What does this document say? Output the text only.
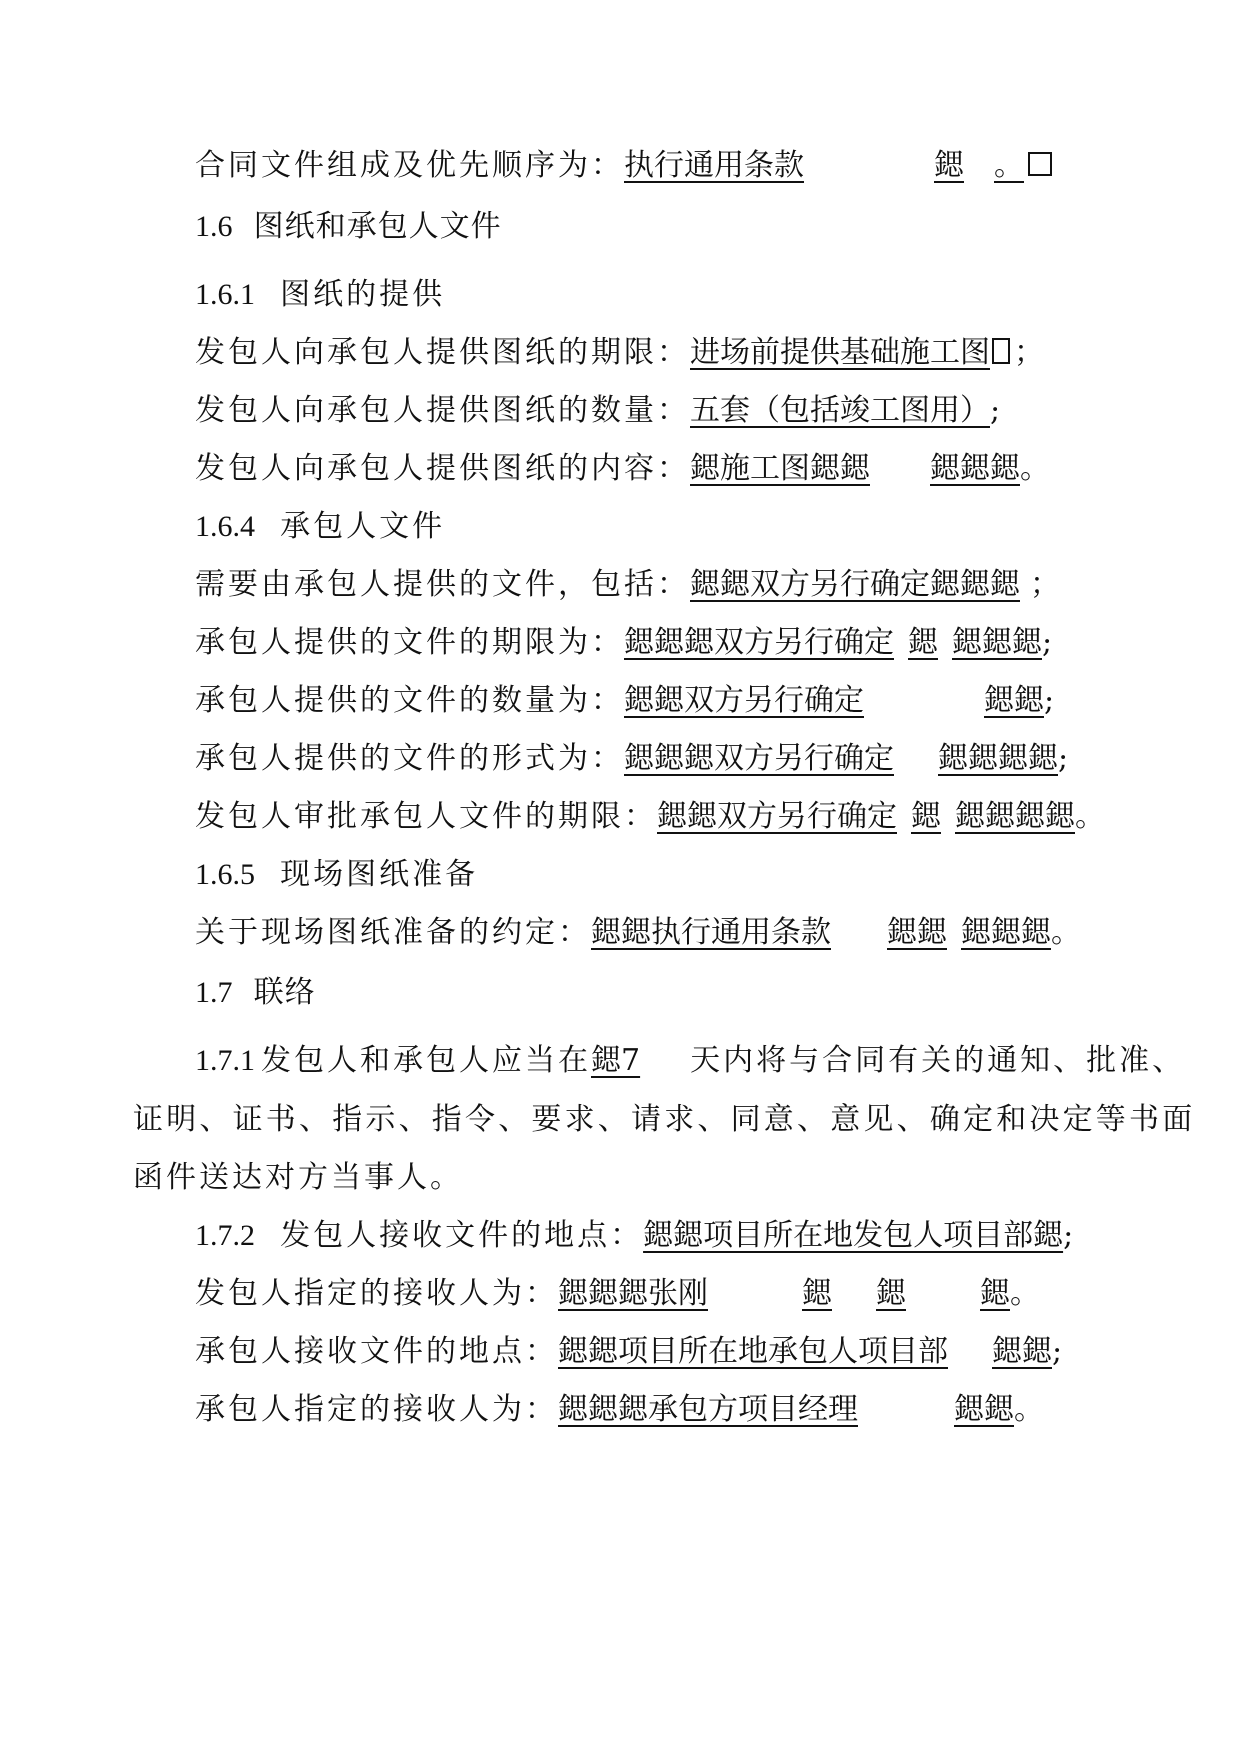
合同文件组成及优先顺序为：执行通用条款	鍶 。
1.6 图纸和承包人文件
1.6.1 图纸的提供
发包人向承包人提供图纸的期限：进场前提供基础施工图 ；
发包人向承包人提供图纸的数量：五套（包括竣工图用）;
发包人向承包人提供图纸的内容：鍶施工图鍶鍶 鍶鍶鍶。
1.6.4 承包人文件
需要由承包人提供的文件，包括：鍶鍶双方另行确定鍶鍶鍶 ；
承包人提供的文件的期限为：鍶鍶鍶双方另行确定 鍶 鍶鍶鍶;
承包人提供的文件的数量为：鍶鍶双方另行确定	鍶鍶;
承包人提供的文件的形式为：鍶鍶鍶双方另行确定 鍶鍶鍶鍶;
发包人审批承包人文件的期限：鍶鍶双方另行确定 鍶 鍶鍶鍶鍶。
1.6.5 现场图纸准备
关于现场图纸准备的约定：鍶鍶执行通用条款 鍶鍶 鍶鍶鍶。
1.7 联络
1.7.1 发包人和承包人应当在鍶7 天内将与合同有关的通知、批准、
证明、证书、指示、指令、要求、请求、同意、意见、确定和决定等书面
函件送达对方当事人。
1.7.2 发包人接收文件的地点：鍶鍶项目所在地发包人项目部鍶;
发包人指定的接收人为：鍶鍶鍶张刚	鍶 鍶 鍶。
承包人接收文件的地点：鍶鍶项目所在地承包人项目部 鍶鍶;
承包人指定的接收人为：鍶鍶鍶承包方项目经理	鍶鍶。
